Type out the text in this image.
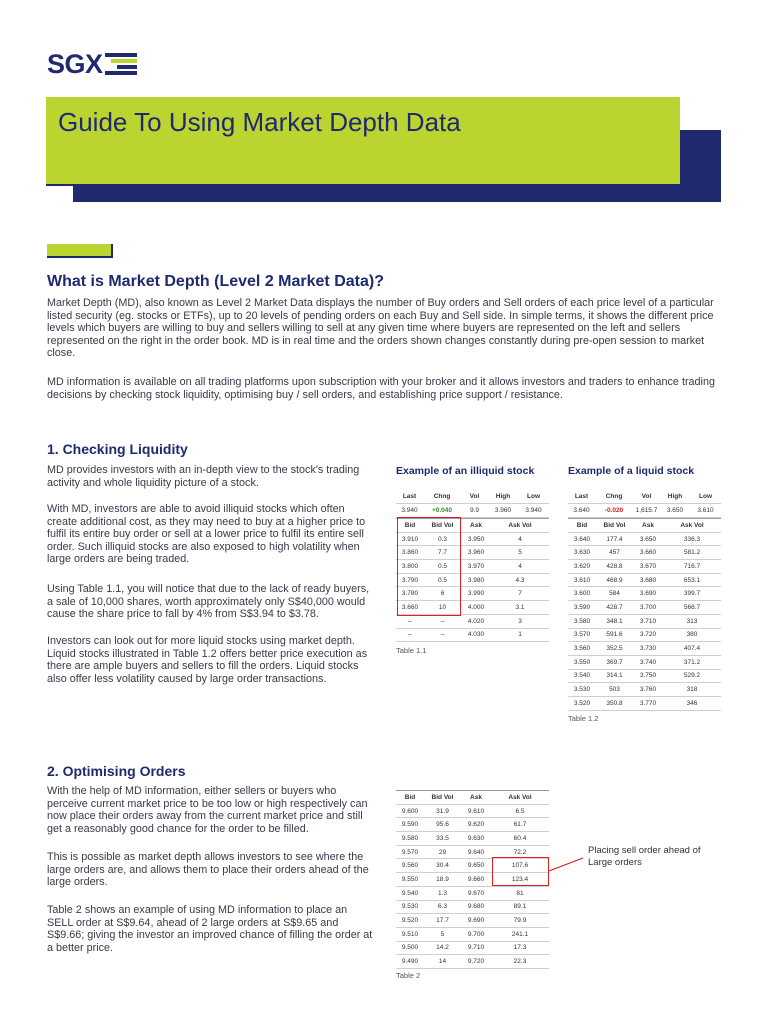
SGX
Guide To Using Market Depth Data
What is Market Depth (Level 2 Market Data)?

Market Depth (MD), also known as Level 2 Market Data displays the number of Buy orders and Sell orders of each price level of a particular listed security (eg. stocks or ETFs), up to 20 levels of pending orders on each Buy and Sell side. In simple terms, it shows the different price levels which buyers are willing to buy and sellers willing to sell at any given time where buyers are represented on the left and sellers represented on the right in the order book. MD is in real time and the orders shown changes constantly during pre-open session to market close.

MD information is available on all trading platforms upon subscription with your broker and it allows investors and traders to enhance trading decisions by checking stock liquidity, optimising buy / sell orders, and establishing price support / resistance.

1. Checking Liquidity

MD provides investors with an in-depth view to the stock's trading activity and whole liquidity picture of a stock.

With MD, investors are able to avoid illiquid stocks which often create additional cost, as they may need to buy at a higher price to fulfil its entire buy order or sell at a lower price to fulfil its entire sell order. Such illiquid stocks are also exposed to high volatility when large orders are being traded.

Using Table 1.1, you will notice that due to the lack of ready buyers, a sale of 10,000 shares, worth approximately only S$40,000 would cause the share price to fall by 4% from S$3.94 to $3.78.

Investors can look out for more liquid stocks using market depth. Liquid stocks illustrated in Table 1.2 offers better price execution as there are ample buyers and sellers to fill the orders. Liquid stocks also offer less volatility caused by large order transactions.

Example of an illiquid stock
Last	Chng	Vol	High	Low
3.940	+0.040	9.9	3.960	3.940
Bid	Bid Vol	Ask	Ask Vol
3.910	0.3	3.950	4
3.860	7.7	3.960	5
3.800	0.5	3.970	4
3.790	0.5	3.980	4.3
3.780	6	3.990	7
3.660	10	4.000	3.1
--	--	4.020	3
--	--	4.030	1
Table 1.1
Example of a liquid stock
Last	Chng	Vol	High	Low
3.640	-0.020	1,615.7	3.650	3.610
Bid	Bid Vol	Ask	Ask Vol
3.640	177.4	3.650	336.3
3.630	457	3.660	581.2
3.620	428.8	3.670	716.7
3.610	468.9	3.680	653.1
3.600	584	3.690	399.7
3.590	428.7	3.700	566.7
3.580	348.1	3.710	313
3.570	591.6	3.720	380
3.560	352.5	3.730	407.4
3.550	369.7	3.740	371.2
3.540	314.1	3.750	529.2
3.530	503	3.760	318
3.520	350.8	3.770	346
Table 1.2
2. Optimising Orders

With the help of MD information, either sellers or buyers who perceive current market price to be too low or high respectively can now place their orders away from the current market price and still get a reasonably good chance for the order to be filled.

This is possible as market depth allows investors to see where the large orders are, and allows them to place their orders ahead of the large orders.

Table 2 shows an example of using MD information to place an SELL order at S$9.64, ahead of 2 large orders at S$9.65 and S$9.66; giving the investor an improved chance of filling the order at a better price.

Bid	Bid Vol	Ask	Ask Vol
9.600	31.9	9.610	6.5
9.590	95.6	9.620	61.7
9.580	33.5	9.630	60.4
9.570	29	9.640	72.2
9.560	30.4	9.650	107.6
9.550	18.9	9.660	123.4
9.540	1.3	9.670	81
9.530	6.3	9.680	89.1
9.520	17.7	9.690	79.9
9.510	5	9.700	241.1
9.500	14.2	9.710	17.3
9.490	14	9.720	22.3
Placing sell order ahead of Large orders
Table 2
